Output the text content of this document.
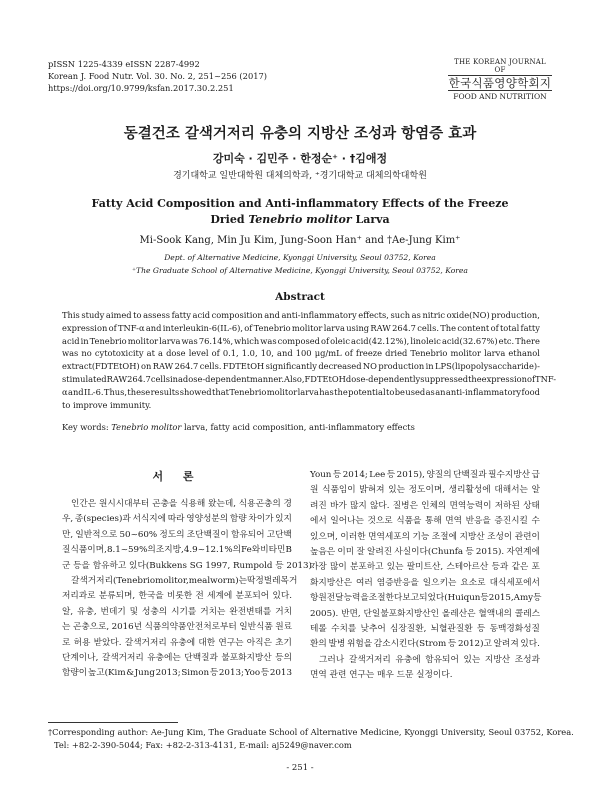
pISSN 1225-4339 eISSN 2287-4992
Korean J. Food Nutr. Vol. 30. No. 2, 251~256 (2017)
https://doi.org/10.9799/ksfan.2017.30.2.251
THE KOREAN JOURNAL OF
한국식품영양학회지
FOOD AND NUTRITION
동결건조 갈색거저리 유충의 지방산 조성과 항염증 효과
강미숙 · 김민주 · 한정순⁺ · †김애정
경기대학교 일반대학원 대체의학과, ⁺경기대학교 대체의학대학원
Fatty Acid Composition and Anti-inflammatory Effects of the Freeze
Dried Tenebrio molitor Larva
Mi-Sook Kang, Min Ju Kim, Jung-Soon Han⁺ and †Ae-Jung Kim⁺
Dept. of Alternative Medicine, Kyonggi University, Seoul 03752, Korea
⁺The Graduate School of Alternative Medicine, Kyonggi University, Seoul 03752, Korea
Abstract
This study aimed to assess fatty acid composition and anti-inflammatory effects, such as nitric oxide(NO) production,
expression of TNF-α and interleukin-6(IL-6), of Tenebrio molitor larva using RAW 264.7 cells. The content of total fatty
acid in Tenebrio molitor larva was 76.14%, which was composed of oleic acid(42.12%), linoleic acid(32.67%) etc. There
was no cytotoxicity at a dose level of 0.1, 1.0, 10, and 100 μg/mL of freeze dried Tenebrio molitor larva ethanol
extract(FDTEtOH) on RAW 264.7 cells. FDTEtOH significantly decreased NO production in LPS(lipopolysaccharide)-
stimulated RAW 264.7 cells in a dose-dependent manner. Also, FDTEtOH dose-dependently suppressed the expression of TNF-
α and IL-6. Thus, these results showed that Tenebrio molitor larva has the potential to be used as an anti-inflammatory food
to improve immunity.
Key words: Tenebrio molitor larva, fatty acid composition, anti-inflammatory effects
서 론
인간은 원시시대부터 곤충을 식용해 왔는데, 식용곤충의 경
우, 종(species)과 서식지에 따라 영양성분의 함량 차이가 있지
만, 일반적으로 50~60% 정도의 조단백질이 함유되어 고단백
질 식품이며, 8.1~59%의 조지방, 4.9~12.1%의 Fe와 비타민 B
군 등을 함유하고 있다(Bukkens SG 1997, Rumpold 등 2013).
갈색거저리(Tenebrio molitor, mealworm)는 딱정벌레목 거
저리과로 분류되며, 한국을 비롯한 전 세계에 분포되어 있다.
알, 유충, 번데기 및 성충의 시기를 거치는 완전변태를 거치
는 곤충으로, 2016년 식품의약품안전처로부터 일반식품 원료
로 허용 받았다. 갈색거저리 유충에 대한 연구는 아직은 초기
단계이나, 갈색거저리 유충에는 단백질과 불포화지방산 등의
함량이 높고(Kim & Jung 2013; Simon 등 2013; Yoo 등 2013
Youn 등 2014; Lee 등 2015), 양질의 단백질과 필수지방산 급
원 식품임이 밝혀져 있는 정도이며, 생리활성에 대해서는 알
려진 바가 많지 않다. 질병은 인체의 면역능력이 저하된 상태
에서 일어나는 것으로 식품을 통해 면역 반응을 증진시킬 수
있으며, 이러한 면역세포의 기능 조절에 지방산 조성이 관련이
높음은 이미 잘 알려진 사실이다(Chunfa 등 2015). 자연계에
가장 많이 분포하고 있는 팔미트산, 스테아르산 등과 같은 포
화지방산은 여러 염증반응을 일으키는 요소로 대식세포에서
항원전달능력을 조절한다 보고되었다(Huiqun 등 2015, Amy 등
2005). 반면, 단일불포화지방산인 올레산은 혈액내의 콜레스
테롤 수치를 낮추어 심장질환, 뇌혈관질환 등 동맥경화성질
환의 발병 위험을 감소시킨다(Strom 등 2012)고 알려져 있다.
그러나 갈색거저리 유충에 함유되어 있는 지방산 조성과
면역 관련 연구는 매우 드문 실정이다.
†Corresponding author: Ae-Jung Kim, The Graduate School of Alternative Medicine, Kyonggi University, Seoul 03752, Korea.
Tel: +82-2-390-5044; Fax: +82-2-313-4131, E-mail: aj5249@naver.com
- 251 -
